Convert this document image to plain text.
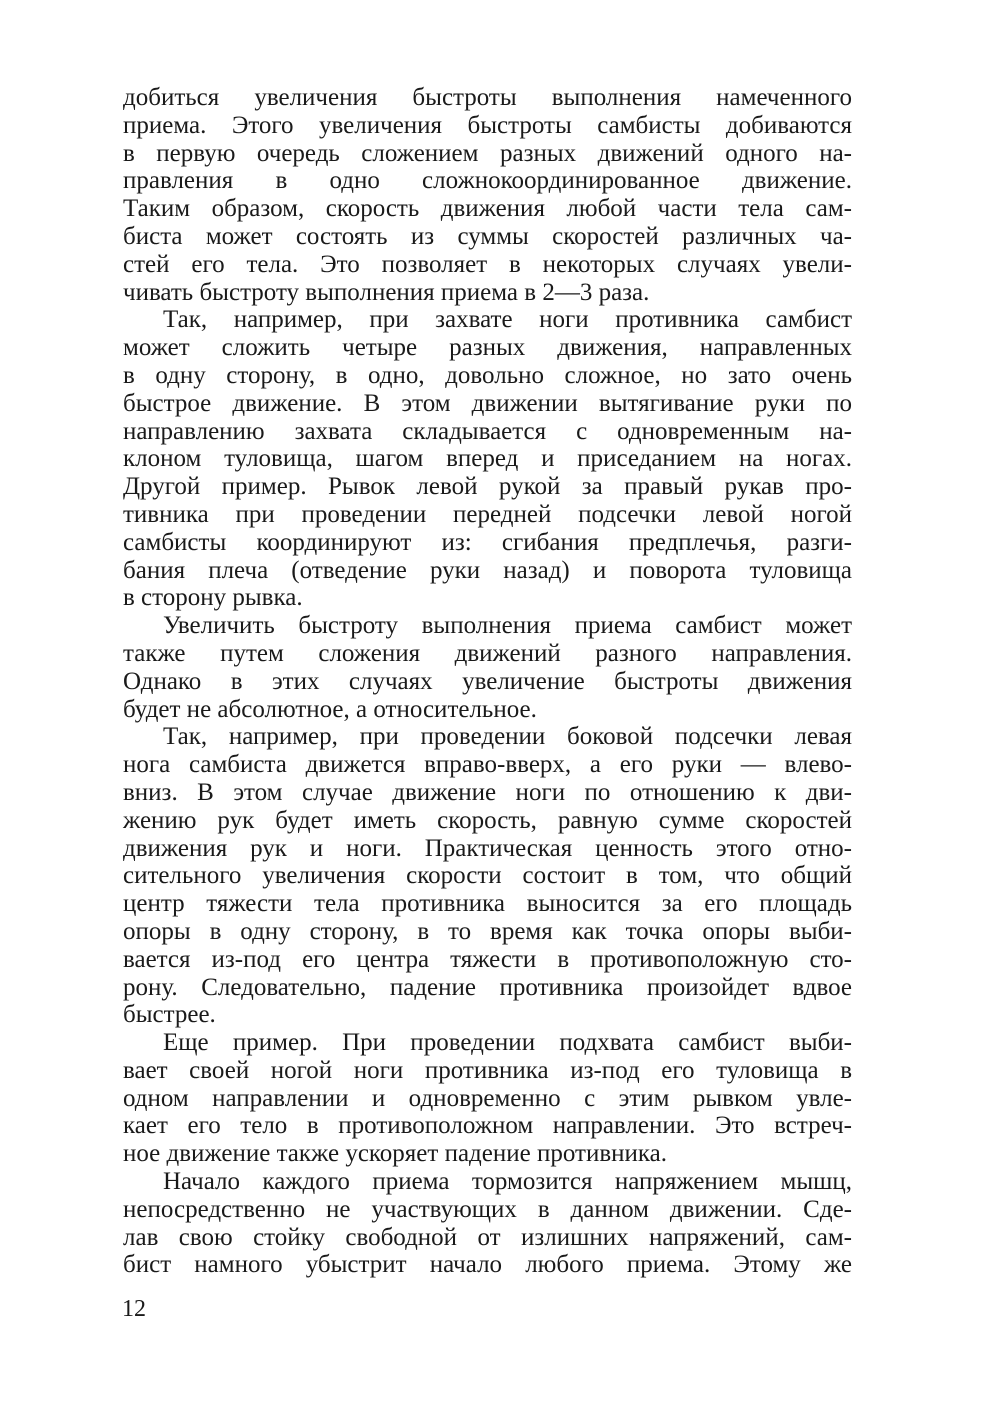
добиться увеличения быстроты выполнения намеченного
приема. Этого увеличения быстроты самбисты добиваются
в первую очередь сложением разных движений одного на-
правления в одно сложнокоординированное движение.
Таким образом, скорость движения любой части тела сам-
биста может состоять из суммы скоростей различных ча-
стей его тела. Это позволяет в некоторых случаях увели-
чивать быстроту выполнения приема в 2—3 раза.
Так, например, при захвате ноги противника самбист
может сложить четыре разных движения, направленных
в одну сторону, в одно, довольно сложное, но зато очень
быстрое движение. В этом движении вытягивание руки по
направлению захвата складывается с одновременным на-
клоном туловища, шагом вперед и приседанием на ногах.
Другой пример. Рывок левой рукой за правый рукав про-
тивника при проведении передней подсечки левой ногой
самбисты координируют из: сгибания предплечья, разги-
бания плеча (отведение руки назад) и поворота туловища
в сторону рывка.
Увеличить быстроту выполнения приема самбист может
также путем сложения движений разного направления.
Однако в этих случаях увеличение быстроты движения
будет не абсолютное, а относительное.
Так, например, при проведении боковой подсечки левая
нога самбиста движется вправо-вверх, а его руки — влево-
вниз. В этом случае движение ноги по отношению к дви-
жению рук будет иметь скорость, равную сумме скоростей
движения рук и ноги. Практическая ценность этого отно-
сительного увеличения скорости состоит в том, что общий
центр тяжести тела противника выносится за его площадь
опоры в одну сторону, в то время как точка опоры выби-
вается из-под его центра тяжести в противоположную сто-
рону. Следовательно, падение противника произойдет вдвое
быстрее.
Еще пример. При проведении подхвата самбист выби-
вает своей ногой ноги противника из-под его туловища в
одном направлении и одновременно с этим рывком увле-
кает его тело в противоположном направлении. Это встреч-
ное движение также ускоряет падение противника.
Начало каждого приема тормозится напряжением мышц,
непосредственно не участвующих в данном движении. Сде-
лав свою стойку свободной от излишних напряжений, сам-
бист намного убыстрит начало любого приема. Этому же
12
